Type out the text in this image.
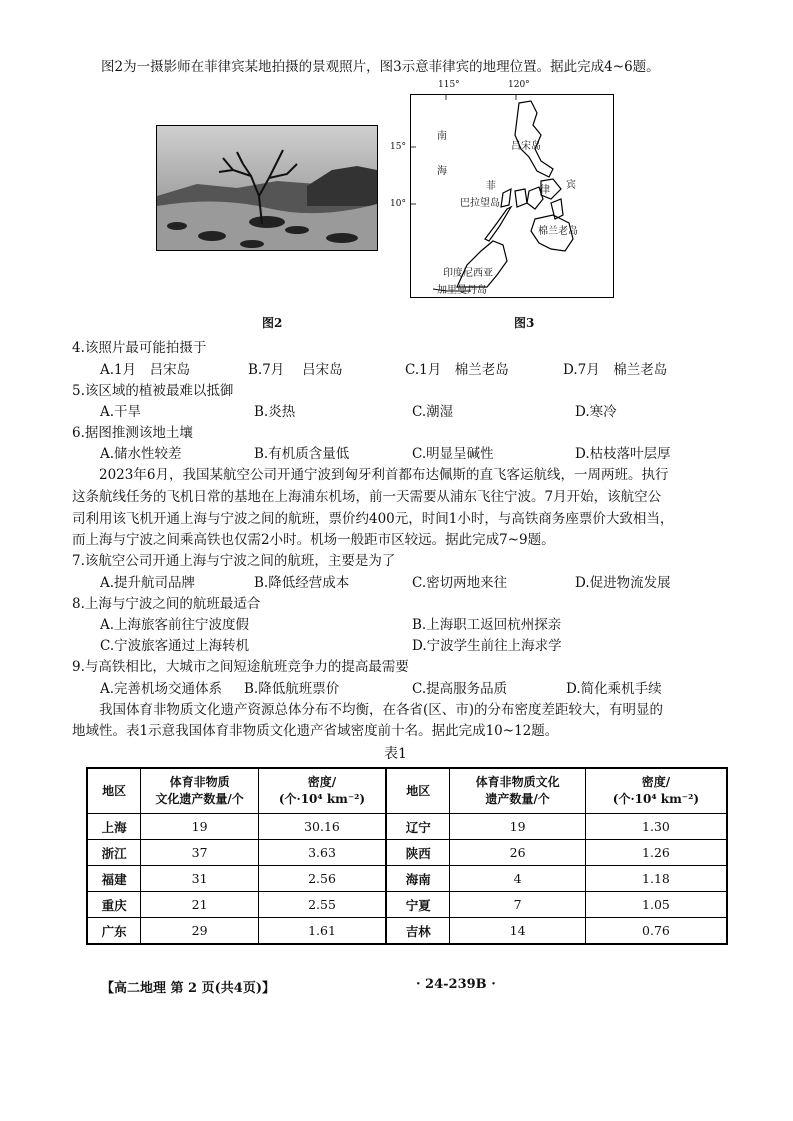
图2为一摄影师在菲律宾某地拍摄的景观照片，图3示意菲律宾的地理位置。据此完成4~6题。
图2
115°	120°
15°
10°
南
海
吕宋岛
菲	律 宾
巴拉望岛
棉兰老岛
印度尼西亚
加里曼丹岛
图3
4.该照片最可能拍摄于
A.1月　吕宋岛	B.7月　 吕宋岛	C.1月　棉兰老岛	D.7月　棉兰老岛
5.该区域的植被最难以抵御
A.干旱	B.炎热	C.潮湿	D.寒冷
6.据图推测该地土壤
A.储水性较差	B.有机质含量低	C.明显呈碱性	D.枯枝落叶层厚
　　2023年6月，我国某航空公司开通宁波到匈牙利首都布达佩斯的直飞客运航线，一周两班。执行
这条航线任务的飞机日常的基地在上海浦东机场，前一天需要从浦东飞往宁波。7月开始，该航空公
司利用该飞机开通上海与宁波之间的航班，票价约400元，时间1小时，与高铁商务座票价大致相当，
而上海与宁波之间乘高铁也仅需2小时。机场一般距市区较远。据此完成7~9题。
7.该航空公司开通上海与宁波之间的航班，主要是为了
A.提升航司品牌	B.降低经营成本	C.密切两地来往	D.促进物流发展
8.上海与宁波之间的航班最适合
A.上海旅客前往宁波度假	B.上海职工返回杭州探亲
C.宁波旅客通过上海转机	D.宁波学生前往上海求学
9.与高铁相比，大城市之间短途航班竞争力的提高最需要
A.完善机场交通体系 B.降低航班票价	C.提高服务品质	D.简化乘机手续
　　我国体育非物质文化遗产资源总体分布不均衡，在各省(区、市)的分布密度差距较大，有明显的
地域性。表1示意我国体育非物质文化遗产省域密度前十名。据此完成10~12题。
表1
地区	体育非物质
文化遗产数量/个	密度/
(个·10⁴ km⁻²)	地区	体育非物质文化
遗产数量/个	密度/
(个·10⁴ km⁻²)
上海	19	30.16	辽宁	19	1.30
浙江	37	3.63	陕西	26	1.26
福建	31	2.56	海南	4	1.18
重庆	21	2.55	宁夏	7	1.05
广东	29	1.61	吉林	14	0.76
【高二地理 第 2 页(共4页)】	· 24-239B ·
